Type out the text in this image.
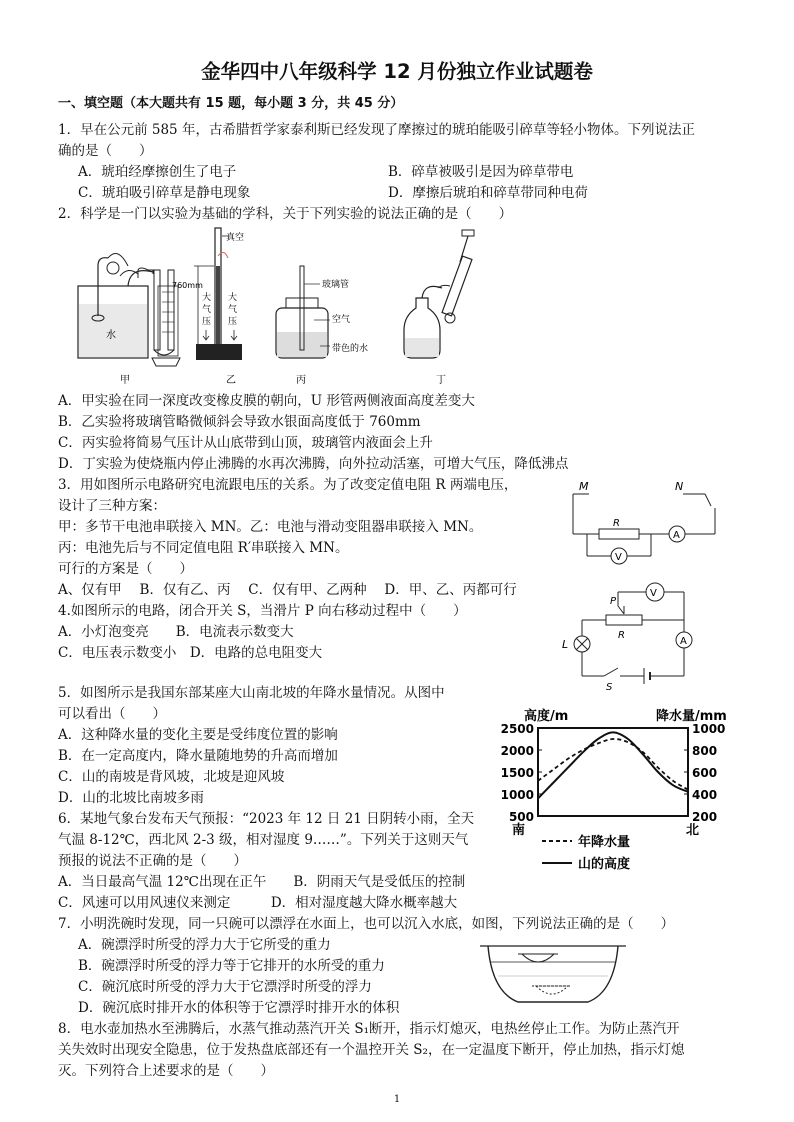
金华四中八年级科学 12 月份独立作业试题卷
一、填空题（本大题共有 15 题，每小题 3 分，共 45 分）
1．早在公元前 585 年，古希腊哲学家泰利斯已经发现了摩擦过的琥珀能吸引碎草等轻小物体。下列说法正
确的是（　　）
A．琥珀经摩擦创生了电子	B．碎草被吸引是因为碎草带电
C．琥珀吸引碎草是静电现象	D．摩擦后琥珀和碎草带同种电荷
2．科学是一门以实验为基础的学科，关于下列实验的说法正确的是（　　）
水
甲
真空
760mm
大
气
压
大
气
压
乙
玻璃管
空气
带色的水
丙	丁
A．甲实验在同一深度改变橡皮膜的朝向，U 形管两侧液面高度差变大
B．乙实验将玻璃管略微倾斜会导致水银面高度低于 760mm
C．丙实验将简易气压计从山底带到山顶，玻璃管内液面会上升
D．丁实验为使烧瓶内停止沸腾的水再次沸腾，向外拉动活塞，可增大气压，降低沸点
3．用如图所示电路研究电流跟电压的关系。为了改变定值电阻 R 两端电压，
设计了三种方案：
甲：多节干电池串联接入 MN。乙：电池与滑动变阻器串联接入 MN。
丙：电池先后与不同定值电阻 R′串联接入 MN。
可行的方案是（　　）
A、仅有甲　 B．仅有乙、丙　 C．仅有甲、乙两种　 D．甲、乙、丙都可行
M	N
R
A
V
4.如图所示的电路，闭合开关 S，当滑片 P 向右移动过程中（　　）
A．小灯泡变亮　　B．电流表示数变大
C．电压表示数变小　D．电路的总电阻变大
V
P
R
A
L
S
5．如图所示是我国东部某座大山南北坡的年降水量情况。从图中
可以看出（　　）
A．这种降水量的变化主要是受纬度位置的影响
B．在一定高度内，降水量随地势的升高而增加
C．山的南坡是背风坡，北坡是迎风坡
D．山的北坡比南坡多雨
高度/m	降水量/mm
500
1000
1500
2000
2500
200
400
600
800
1000
南	北
年降水量
山的高度
6．某地气象台发布天气预报：“2023 年 12 日 21 日阴转小雨，全天
气温 8-12℃，西北风 2-3 级，相对湿度 9……”。下列关于这则天气
预报的说法不正确的是（　　）
A．当日最高气温 12℃出现在正午　　B．阴雨天气是受低压的控制
C．风速可以用风速仪来测定　　　D．相对湿度越大降水概率越大
7．小明洗碗时发现，同一只碗可以漂浮在水面上，也可以沉入水底，如图，下列说法正确的是（　　）
A．碗漂浮时所受的浮力大于它所受的重力
B．碗漂浮时所受的浮力等于它排开的水所受的重力
C．碗沉底时所受的浮力大于它漂浮时所受的浮力
D．碗沉底时排开水的体积等于它漂浮时排开水的体积
8．电水壶加热水至沸腾后，水蒸气推动蒸汽开关 S₁断开，指示灯熄灭，电热丝停止工作。为防止蒸汽开
关失效时出现安全隐患，位于发热盘底部还有一个温控开关 S₂，在一定温度下断开，停止加热，指示灯熄
灭。下列符合上述要求的是（　　）
1
